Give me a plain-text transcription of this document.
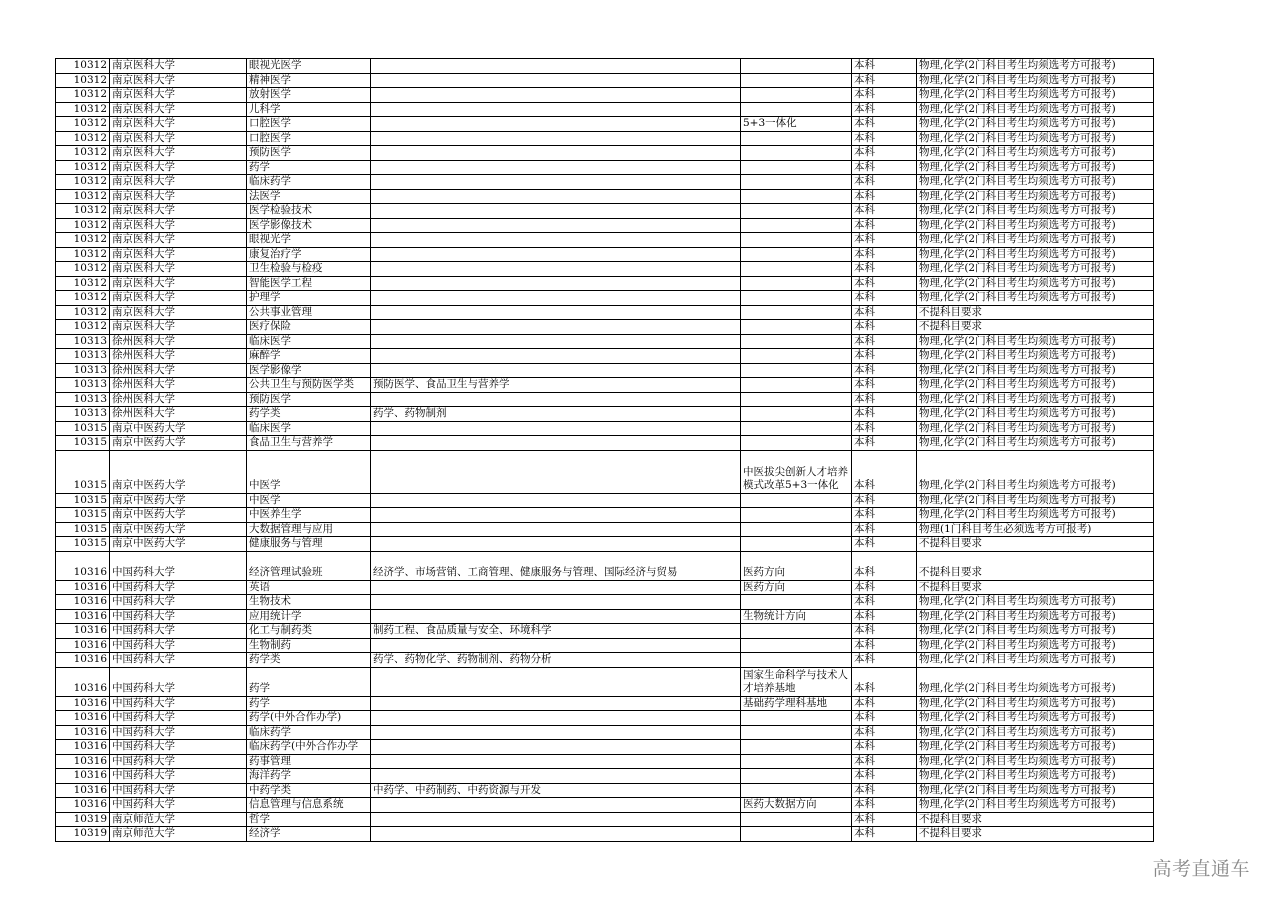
10312	南京医科大学	眼视光医学			本科	物理,化学(2门科目考生均须选考方可报考)
10312	南京医科大学	精神医学			本科	物理,化学(2门科目考生均须选考方可报考)
10312	南京医科大学	放射医学			本科	物理,化学(2门科目考生均须选考方可报考)
10312	南京医科大学	儿科学			本科	物理,化学(2门科目考生均须选考方可报考)
10312	南京医科大学	口腔医学		5+3一体化	本科	物理,化学(2门科目考生均须选考方可报考)
10312	南京医科大学	口腔医学			本科	物理,化学(2门科目考生均须选考方可报考)
10312	南京医科大学	预防医学			本科	物理,化学(2门科目考生均须选考方可报考)
10312	南京医科大学	药学			本科	物理,化学(2门科目考生均须选考方可报考)
10312	南京医科大学	临床药学			本科	物理,化学(2门科目考生均须选考方可报考)
10312	南京医科大学	法医学			本科	物理,化学(2门科目考生均须选考方可报考)
10312	南京医科大学	医学检验技术			本科	物理,化学(2门科目考生均须选考方可报考)
10312	南京医科大学	医学影像技术			本科	物理,化学(2门科目考生均须选考方可报考)
10312	南京医科大学	眼视光学			本科	物理,化学(2门科目考生均须选考方可报考)
10312	南京医科大学	康复治疗学			本科	物理,化学(2门科目考生均须选考方可报考)
10312	南京医科大学	卫生检验与检疫			本科	物理,化学(2门科目考生均须选考方可报考)
10312	南京医科大学	智能医学工程			本科	物理,化学(2门科目考生均须选考方可报考)
10312	南京医科大学	护理学			本科	物理,化学(2门科目考生均须选考方可报考)
10312	南京医科大学	公共事业管理			本科	不提科目要求
10312	南京医科大学	医疗保险			本科	不提科目要求
10313	徐州医科大学	临床医学			本科	物理,化学(2门科目考生均须选考方可报考)
10313	徐州医科大学	麻醉学			本科	物理,化学(2门科目考生均须选考方可报考)
10313	徐州医科大学	医学影像学			本科	物理,化学(2门科目考生均须选考方可报考)
10313	徐州医科大学	公共卫生与预防医学类	预防医学、食品卫生与营养学		本科	物理,化学(2门科目考生均须选考方可报考)
10313	徐州医科大学	预防医学			本科	物理,化学(2门科目考生均须选考方可报考)
10313	徐州医科大学	药学类	药学、药物制剂		本科	物理,化学(2门科目考生均须选考方可报考)
10315	南京中医药大学	临床医学			本科	物理,化学(2门科目考生均须选考方可报考)
10315	南京中医药大学	食品卫生与营养学			本科	物理,化学(2门科目考生均须选考方可报考)
10315	南京中医药大学	中医学		中医拔尖创新人才培养模式改革5+3一体化	本科	物理,化学(2门科目考生均须选考方可报考)
10315	南京中医药大学	中医学			本科	物理,化学(2门科目考生均须选考方可报考)
10315	南京中医药大学	中医养生学			本科	物理,化学(2门科目考生均须选考方可报考)
10315	南京中医药大学	大数据管理与应用			本科	物理(1门科目考生必须选考方可报考)
10315	南京中医药大学	健康服务与管理			本科	不提科目要求
10316	中国药科大学	经济管理试验班	经济学、市场营销、工商管理、健康服务与管理、国际经济与贸易	医药方向	本科	不提科目要求
10316	中国药科大学	英语		医药方向	本科	不提科目要求
10316	中国药科大学	生物技术			本科	物理,化学(2门科目考生均须选考方可报考)
10316	中国药科大学	应用统计学		生物统计方向	本科	物理,化学(2门科目考生均须选考方可报考)
10316	中国药科大学	化工与制药类	制药工程、食品质量与安全、环境科学		本科	物理,化学(2门科目考生均须选考方可报考)
10316	中国药科大学	生物制药			本科	物理,化学(2门科目考生均须选考方可报考)
10316	中国药科大学	药学类	药学、药物化学、药物制剂、药物分析		本科	物理,化学(2门科目考生均须选考方可报考)
10316	中国药科大学	药学		国家生命科学与技术人才培养基地	本科	物理,化学(2门科目考生均须选考方可报考)
10316	中国药科大学	药学		基础药学理科基地	本科	物理,化学(2门科目考生均须选考方可报考)
10316	中国药科大学	药学(中外合作办学)			本科	物理,化学(2门科目考生均须选考方可报考)
10316	中国药科大学	临床药学			本科	物理,化学(2门科目考生均须选考方可报考)
10316	中国药科大学	临床药学(中外合作办学			本科	物理,化学(2门科目考生均须选考方可报考)
10316	中国药科大学	药事管理			本科	物理,化学(2门科目考生均须选考方可报考)
10316	中国药科大学	海洋药学			本科	物理,化学(2门科目考生均须选考方可报考)
10316	中国药科大学	中药学类	中药学、中药制药、中药资源与开发		本科	物理,化学(2门科目考生均须选考方可报考)
10316	中国药科大学	信息管理与信息系统		医药大数据方向	本科	物理,化学(2门科目考生均须选考方可报考)
10319	南京师范大学	哲学			本科	不提科目要求
10319	南京师范大学	经济学			本科	不提科目要求
高考直通车
